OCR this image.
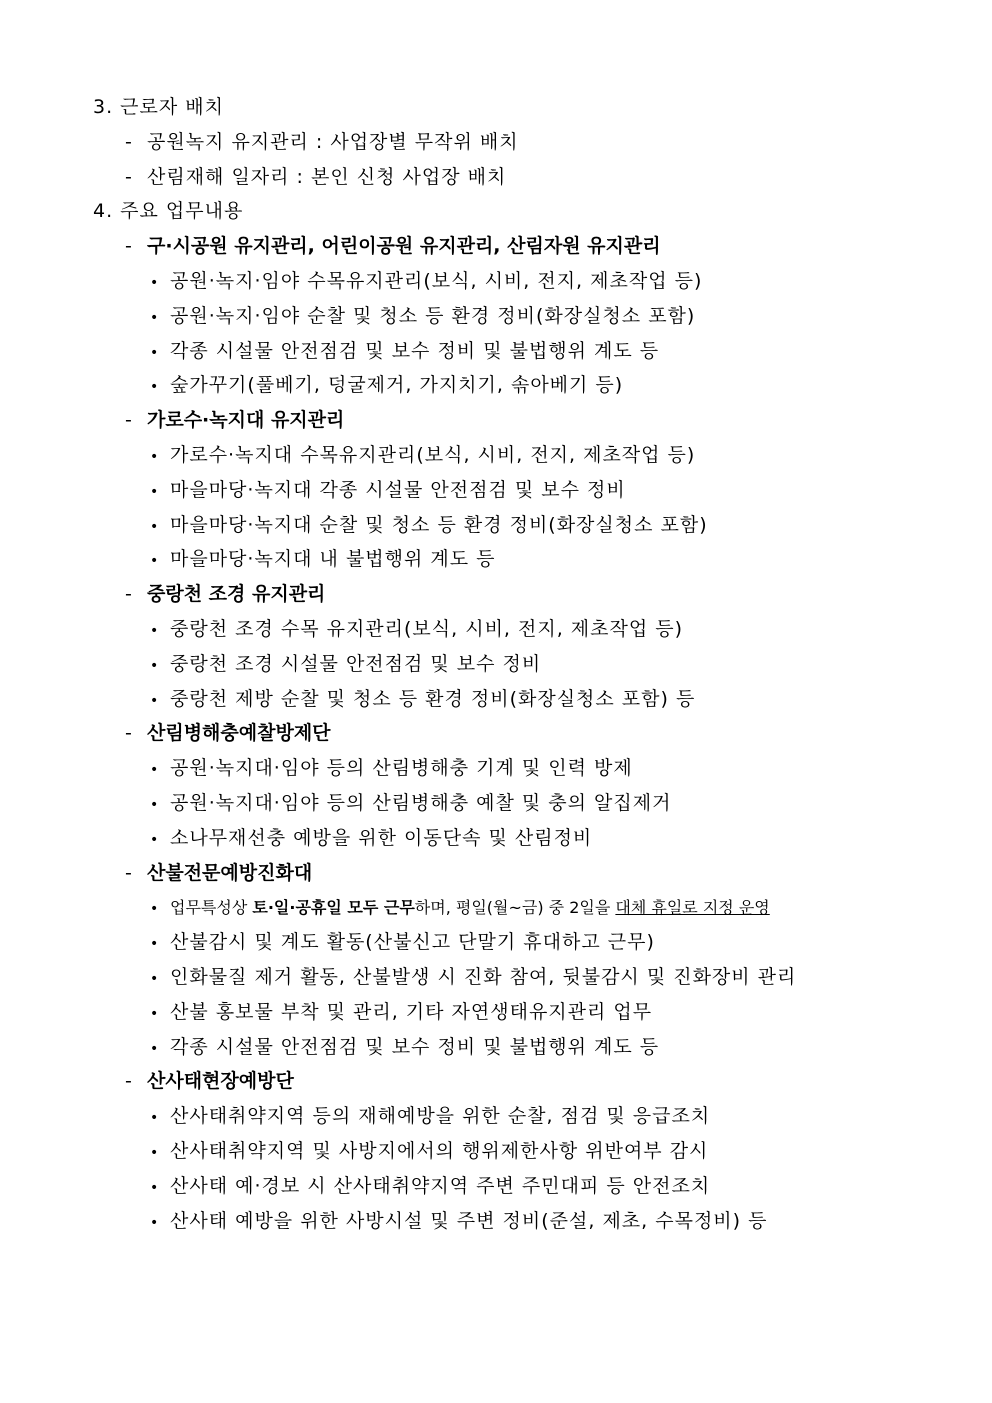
3. 근로자 배치
- 공원녹지 유지관리 : 사업장별 무작위 배치
- 산림재해 일자리 : 본인 신청 사업장 배치
4. 주요 업무내용
- 구·시공원 유지관리, 어린이공원 유지관리, 산림자원 유지관리
• 공원·녹지·임야 수목유지관리(보식, 시비, 전지, 제초작업 등)
• 공원·녹지·임야 순찰 및 청소 등 환경 정비(화장실청소 포함)
• 각종 시설물 안전점검 및 보수 정비 및 불법행위 계도 등
• 숲가꾸기(풀베기, 덩굴제거, 가지치기, 솎아베기 등)
- 가로수·녹지대 유지관리
• 가로수·녹지대 수목유지관리(보식, 시비, 전지, 제초작업 등)
• 마을마당·녹지대 각종 시설물 안전점검 및 보수 정비
• 마을마당·녹지대 순찰 및 청소 등 환경 정비(화장실청소 포함)
• 마을마당·녹지대 내 불법행위 계도 등
- 중랑천 조경 유지관리
• 중랑천 조경 수목 유지관리(보식, 시비, 전지, 제초작업 등)
• 중랑천 조경 시설물 안전점검 및 보수 정비
• 중랑천 제방 순찰 및 청소 등 환경 정비(화장실청소 포함) 등
- 산림병해충예찰방제단
• 공원·녹지대·임야 등의 산림병해충 기계 및 인력 방제
• 공원·녹지대·임야 등의 산림병해충 예찰 및 충의 알집제거
• 소나무재선충 예방을 위한 이동단속 및 산림정비
- 산불전문예방진화대
• 업무특성상 토·일·공휴일 모두 근무하며, 평일(월~금) 중 2일을 대체 휴일로 지정 운영
• 산불감시 및 계도 활동(산불신고 단말기 휴대하고 근무)
• 인화물질 제거 활동, 산불발생 시 진화 참여, 뒷불감시 및 진화장비 관리
• 산불 홍보물 부착 및 관리, 기타 자연생태유지관리 업무
• 각종 시설물 안전점검 및 보수 정비 및 불법행위 계도 등
- 산사태현장예방단
• 산사태취약지역 등의 재해예방을 위한 순찰, 점검 및 응급조치
• 산사태취약지역 및 사방지에서의 행위제한사항 위반여부 감시
• 산사태 예·경보 시 산사태취약지역 주변 주민대피 등 안전조치
• 산사태 예방을 위한 사방시설 및 주변 정비(준설, 제초, 수목정비) 등
